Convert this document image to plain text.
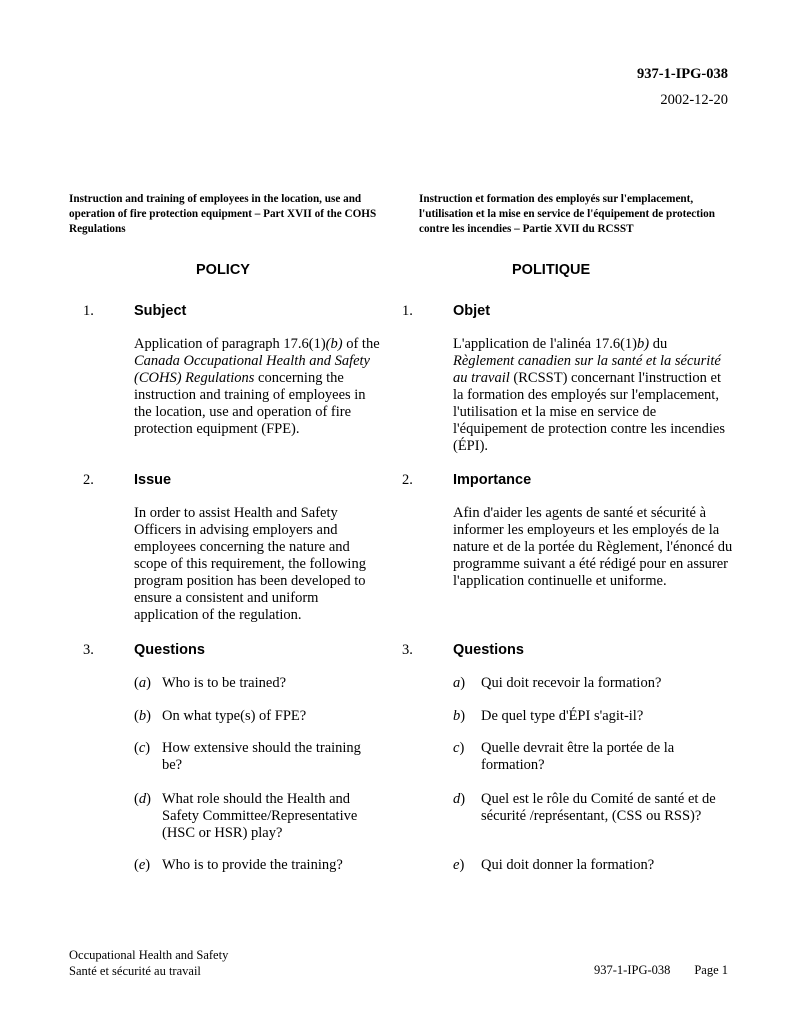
937-1-IPG-038
2002-12-20
Instruction and training of employees in the location, use and operation of fire protection equipment – Part XVII of the COHS Regulations
Instruction et formation des employés sur l'emplacement, l'utilisation et la mise en service de l'équipement de protection contre les incendies – Partie XVII du RCSST
POLICY	POLITIQUE
1.	Subject	1.	Objet
Application of paragraph 17.6(1)(b) of the Canada Occupational Health and Safety (COHS) Regulations concerning the instruction and training of employees in the location, use and operation of fire protection equipment (FPE).
L'application de l'alinéa 17.6(1)b) du Règlement canadien sur la santé et la sécurité au travail (RCSST) concernant l'instruction et la formation des employés sur l'emplacement, l'utilisation et la mise en service de l'équipement de protection contre les incendies (ÉPI).
2.	Issue	2.	Importance
In order to assist Health and Safety Officers in advising employers and employees concerning the nature and scope of this requirement, the following program position has been developed to ensure a consistent and uniform application of the regulation.
Afin d'aider les agents de santé et sécurité à informer les employeurs et les employés de la nature et de la portée du Règlement, l'énoncé du programme suivant a été rédigé pour en assurer l'application continuelle et uniforme.
3.	Questions	3.	Questions
(a) Who is to be trained?
(b) On what type(s) of FPE?
(c) How extensive should the training be?
(d) What role should the Health and Safety Committee/Representative (HSC or HSR) play?
(e) Who is to provide the training?
a) Qui doit recevoir la formation?
b) De quel type d'ÉPI s'agit-il?
c) Quelle devrait être la portée de la formation?
d) Quel est le rôle du Comité de santé et de sécurité /représentant, (CSS ou RSS)?
e) Qui doit donner la formation?
Occupational Health and Safety
Santé et sécurité au travail	937-1-IPG-038 Page 1
